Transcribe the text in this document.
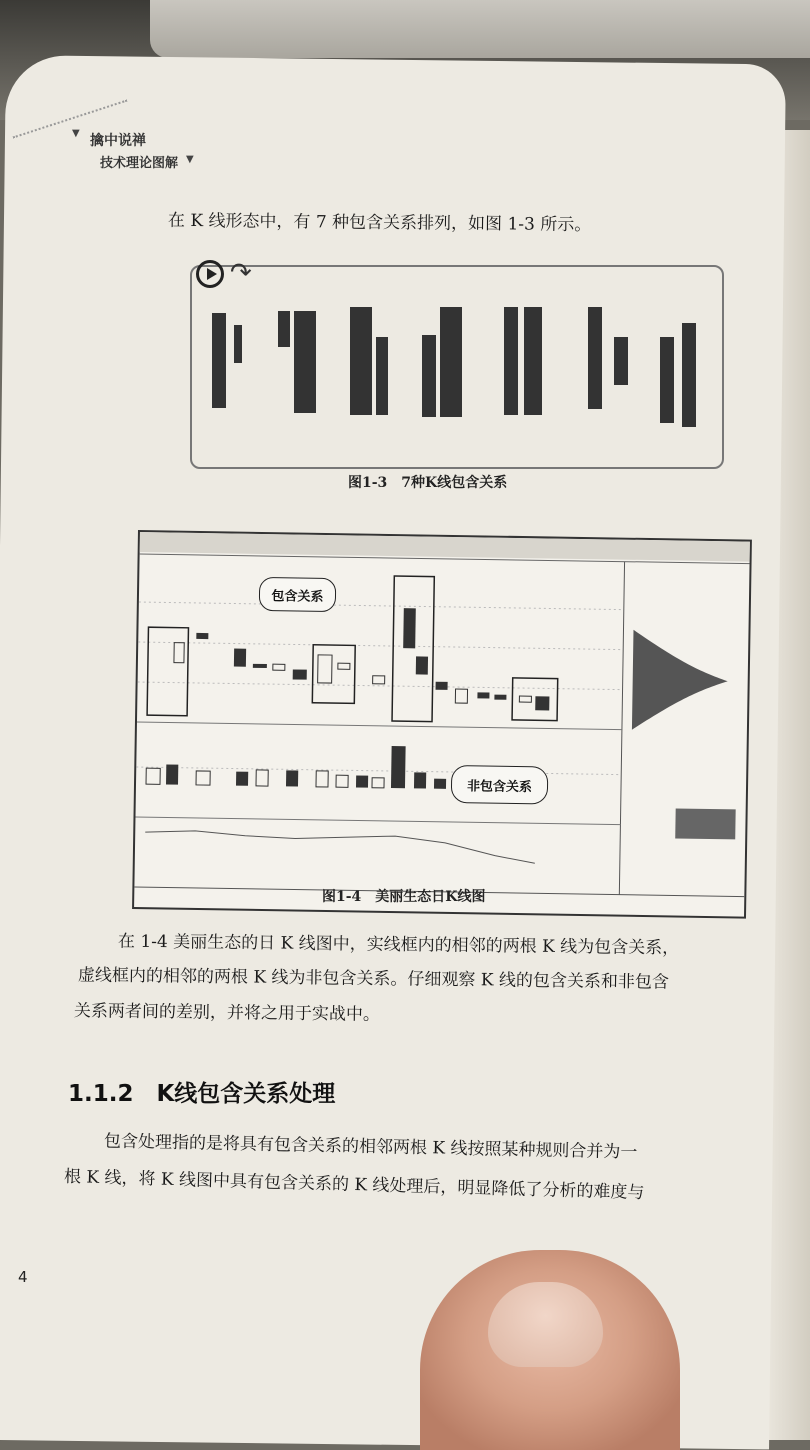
▼ 擒中说禅
技术理论图解 ▼
在 K 线形态中，有 7 种包含关系排列，如图 1-3 所示。
↷
图1-3　7种K线包含关系
包含关系
非包含关系
图1-4　美丽生态日K线图
在 1-4 美丽生态的日 K 线图中，实线框内的相邻的两根 K 线为包含关系，
虚线框内的相邻的两根 K 线为非包含关系。仔细观察 K 线的包含关系和非包含
关系两者间的差别，并将之用于实战中。
1.1.2　K线包含关系处理
包含处理指的是将具有包含关系的相邻两根 K 线按照某种规则合并为一
根 K 线，将 K 线图中具有包含关系的 K 线处理后，明显降低了分析的难度与
4
